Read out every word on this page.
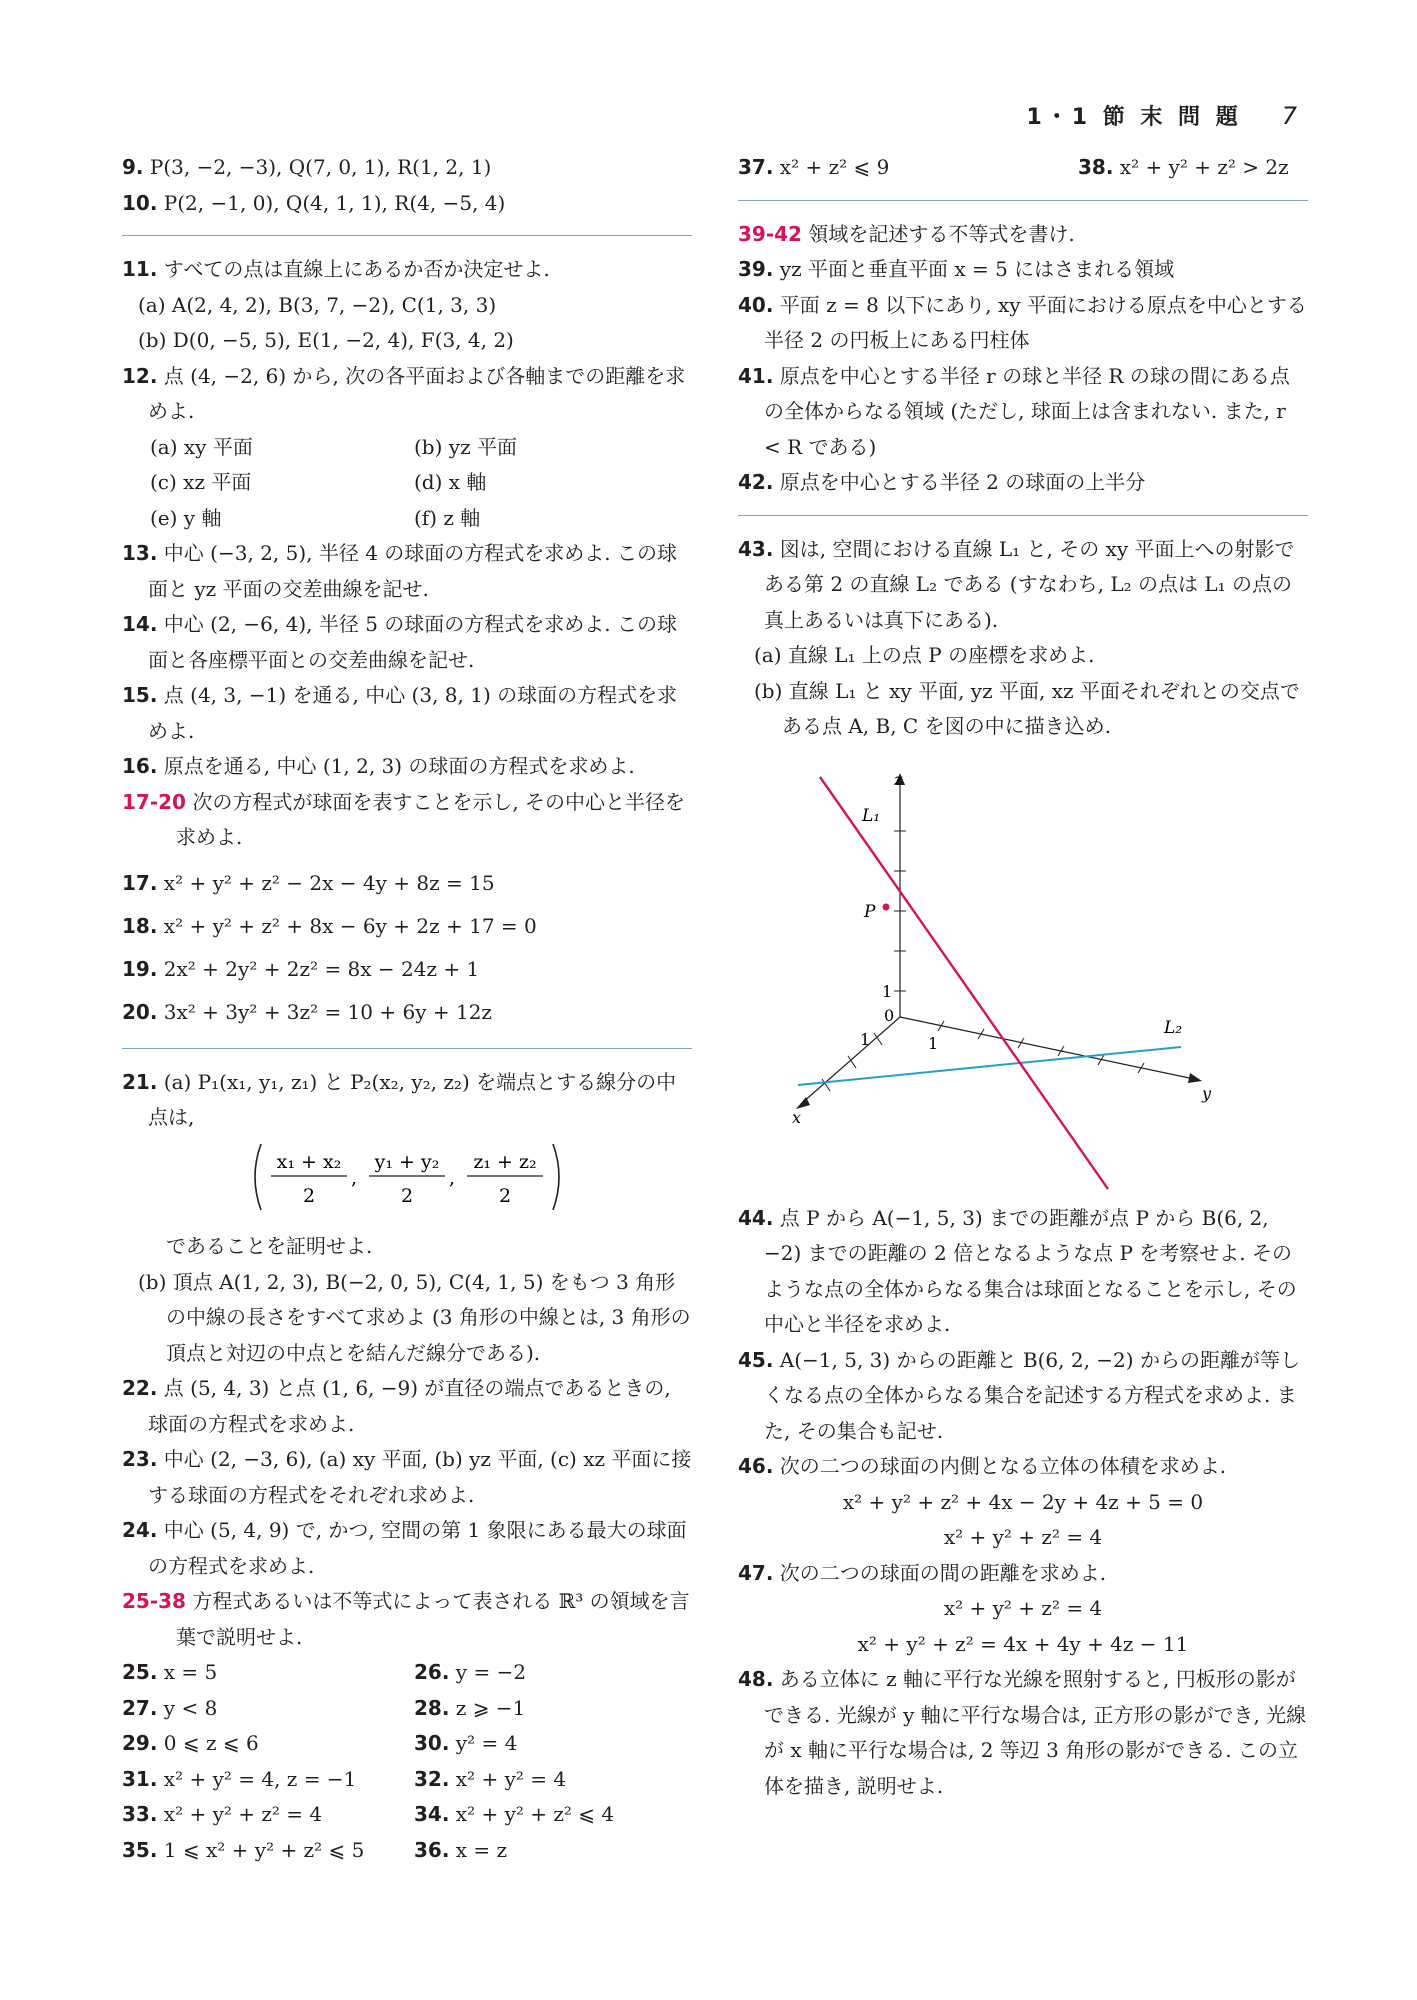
1・1 節 末 問 題 7

9. P(3, −2, −3), Q(7, 0, 1), R(1, 2, 1)

10. P(2, −1, 0), Q(4, 1, 1), R(4, −5, 4)

11. すべての点は直線上にあるか否か決定せよ.

(a) A(2, 4, 2), B(3, 7, −2), C(1, 3, 3)

(b) D(0, −5, 5), E(1, −2, 4), F(3, 4, 2)

12. 点 (4, −2, 6) から, 次の各平面および各軸までの距離を求めよ.

(a) xy 平面	(b) yz 平面
(c) xz 平面	(d) x 軸
(e) y 軸	(f) z 軸

13. 中心 (−3, 2, 5), 半径 4 の球面の方程式を求めよ. この球面と yz 平面の交差曲線を記せ.

14. 中心 (2, −6, 4), 半径 5 の球面の方程式を求めよ. この球面と各座標平面との交差曲線を記せ.

15. 点 (4, 3, −1) を通る, 中心 (3, 8, 1) の球面の方程式を求めよ.

16. 原点を通る, 中心 (1, 2, 3) の球面の方程式を求めよ.

17-20 次の方程式が球面を表すことを示し, その中心と半径を求めよ.

17. x² + y² + z² − 2x − 4y + 8z = 15

18. x² + y² + z² + 8x − 6y + 2z + 17 = 0

19. 2x² + 2y² + 2z² = 8x − 24z + 1

20. 3x² + 3y² + 3z² = 10 + 6y + 12z

21. (a) P₁(x₁, y₁, z₁) と P₂(x₂, y₂, z₂) を端点とする線分の中点は,

x₁ + x₂
2
,
y₁ + y₂
2
,
z₁ + z₂
2

であることを証明せよ.

(b) 頂点 A(1, 2, 3), B(−2, 0, 5), C(4, 1, 5) をもつ 3 角形の中線の長さをすべて求めよ (3 角形の中線とは, 3 角形の頂点と対辺の中点とを結んだ線分である).

22. 点 (5, 4, 3) と点 (1, 6, −9) が直径の端点であるときの, 球面の方程式を求めよ.

23. 中心 (2, −3, 6), (a) xy 平面, (b) yz 平面, (c) xz 平面に接する球面の方程式をそれぞれ求めよ.

24. 中心 (5, 4, 9) で, かつ, 空間の第 1 象限にある最大の球面の方程式を求めよ.

25-38 方程式あるいは不等式によって表される ℝ³ の領域を言葉で説明せよ.

25. x = 5	26. y = −2
27. y < 8	28. z ⩾ −1
29. 0 ⩽ z ⩽ 6	30. y² = 4
31. x² + y² = 4, z = −1	32. x² + y² = 4
33. x² + y² + z² = 4	34. x² + y² + z² ⩽ 4
35. 1 ⩽ x² + y² + z² ⩽ 5	36. x = z
37. x² + z² ⩽ 9	38. x² + y² + z² > 2z

39-42 領域を記述する不等式を書け.

39. yz 平面と垂直平面 x = 5 にはさまれる領域

40. 平面 z = 8 以下にあり, xy 平面における原点を中心とする半径 2 の円板上にある円柱体

41. 原点を中心とする半径 r の球と半径 R の球の間にある点の全体からなる領域 (ただし, 球面上は含まれない. また, r < R である)

42. 原点を中心とする半径 2 の球面の上半分

43. 図は, 空間における直線 L₁ と, その xy 平面上への射影である第 2 の直線 L₂ である (すなわち, L₂ の点は L₁ の点の真上あるいは真下にある).

(a) 直線 L₁ 上の点 P の座標を求めよ.

(b) 直線 L₁ と xy 平面, yz 平面, xz 平面それぞれとの交点である点 A, B, C を図の中に描き込め.

z
y
x
L₁
L₂
P
1
0
1	1

44. 点 P から A(−1, 5, 3) までの距離が点 P から B(6, 2, −2) までの距離の 2 倍となるような点 P を考察せよ. そのような点の全体からなる集合は球面となることを示し, その中心と半径を求めよ.

45. A(−1, 5, 3) からの距離と B(6, 2, −2) からの距離が等しくなる点の全体からなる集合を記述する方程式を求めよ. また, その集合も記せ.

46. 次の二つの球面の内側となる立体の体積を求めよ.

x² + y² + z² + 4x − 2y + 4z + 5 = 0

x² + y² + z² = 4

47. 次の二つの球面の間の距離を求めよ.

x² + y² + z² = 4

x² + y² + z² = 4x + 4y + 4z − 11

48. ある立体に z 軸に平行な光線を照射すると, 円板形の影ができる. 光線が y 軸に平行な場合は, 正方形の影ができ, 光線が x 軸に平行な場合は, 2 等辺 3 角形の影ができる. この立体を描き, 説明せよ.
